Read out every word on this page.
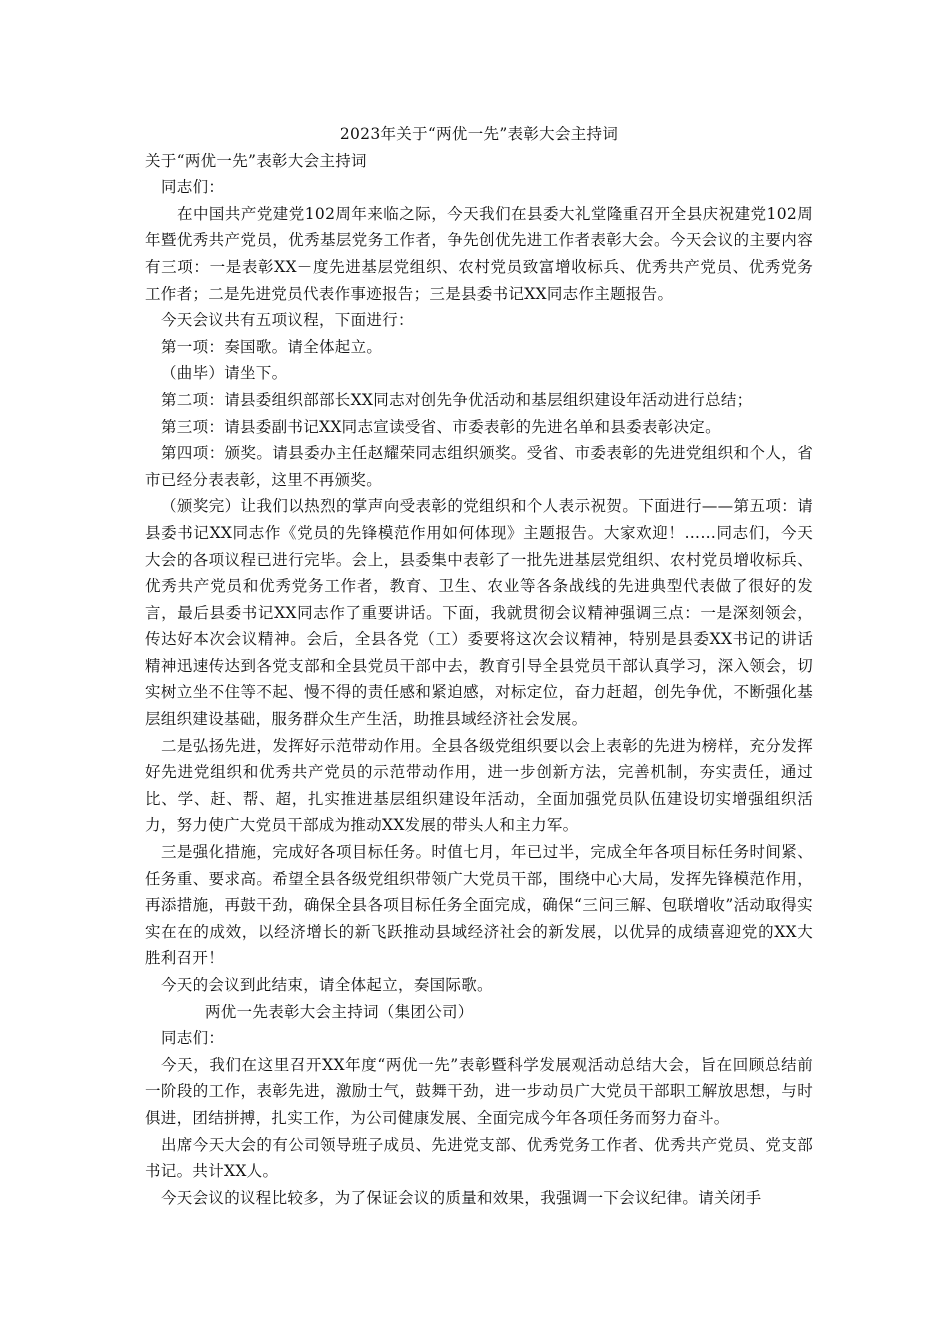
2023年关于“两优一先”表彰大会主持词

关于“两优一先”表彰大会主持词

同志们：

在中国共产党建党102周年来临之际，今天我们在县委大礼堂隆重召开全县庆祝建党102周年暨优秀共产党员，优秀基层党务工作者，争先创优先进工作者表彰大会。今天会议的主要内容有三项：一是表彰XX－度先进基层党组织、农村党员致富增收标兵、优秀共产党员、优秀党务工作者；二是先进党员代表作事迹报告；三是县委书记XX同志作主题报告。

今天会议共有五项议程，下面进行：

第一项：奏国歌。请全体起立。

（曲毕）请坐下。

第二项：请县委组织部部长XX同志对创先争优活动和基层组织建设年活动进行总结；

第三项：请县委副书记XX同志宣读受省、市委表彰的先进名单和县委表彰决定。

第四项：颁奖。请县委办主任赵耀荣同志组织颁奖。受省、市委表彰的先进党组织和个人，省市已经分表表彰，这里不再颁奖。

（颁奖完）让我们以热烈的掌声向受表彰的党组织和个人表示祝贺。下面进行——第五项：请县委书记XX同志作《党员的先锋模范作用如何体现》主题报告。大家欢迎！……同志们，今天大会的各项议程已进行完毕。会上，县委集中表彰了一批先进基层党组织、农村党员增收标兵、优秀共产党员和优秀党务工作者，教育、卫生、农业等各条战线的先进典型代表做了很好的发言，最后县委书记XX同志作了重要讲话。下面，我就贯彻会议精神强调三点：一是深刻领会，传达好本次会议精神。会后，全县各党（工）委要将这次会议精神，特别是县委XX书记的讲话精神迅速传达到各党支部和全县党员干部中去，教育引导全县党员干部认真学习，深入领会，切实树立坐不住等不起、慢不得的责任感和紧迫感，对标定位，奋力赶超，创先争优，不断强化基层组织建设基础，服务群众生产生活，助推县域经济社会发展。

二是弘扬先进，发挥好示范带动作用。全县各级党组织要以会上表彰的先进为榜样，充分发挥好先进党组织和优秀共产党员的示范带动作用，进一步创新方法，完善机制，夯实责任，通过比、学、赶、帮、超，扎实推进基层组织建设年活动，全面加强党员队伍建设切实增强组织活力，努力使广大党员干部成为推动XX发展的带头人和主力军。

三是强化措施，完成好各项目标任务。时值七月，年已过半，完成全年各项目标任务时间紧、任务重、要求高。希望全县各级党组织带领广大党员干部，围绕中心大局，发挥先锋模范作用，再添措施，再鼓干劲，确保全县各项目标任务全面完成，确保“三问三解、包联增收”活动取得实实在在的成效，以经济增长的新飞跃推动县域经济社会的新发展，以优异的成绩喜迎党的XX大胜利召开！

今天的会议到此结束，请全体起立，奏国际歌。

两优一先表彰大会主持词（集团公司）

同志们：

今天，我们在这里召开XX年度“两优一先”表彰暨科学发展观活动总结大会，旨在回顾总结前一阶段的工作，表彰先进，激励士气，鼓舞干劲，进一步动员广大党员干部职工解放思想，与时俱进，团结拼搏，扎实工作，为公司健康发展、全面完成今年各项任务而努力奋斗。

出席今天大会的有公司领导班子成员、先进党支部、优秀党务工作者、优秀共产党员、党支部书记。共计XX人。

今天会议的议程比较多，为了保证会议的质量和效果，我强调一下会议纪律。请关闭手
